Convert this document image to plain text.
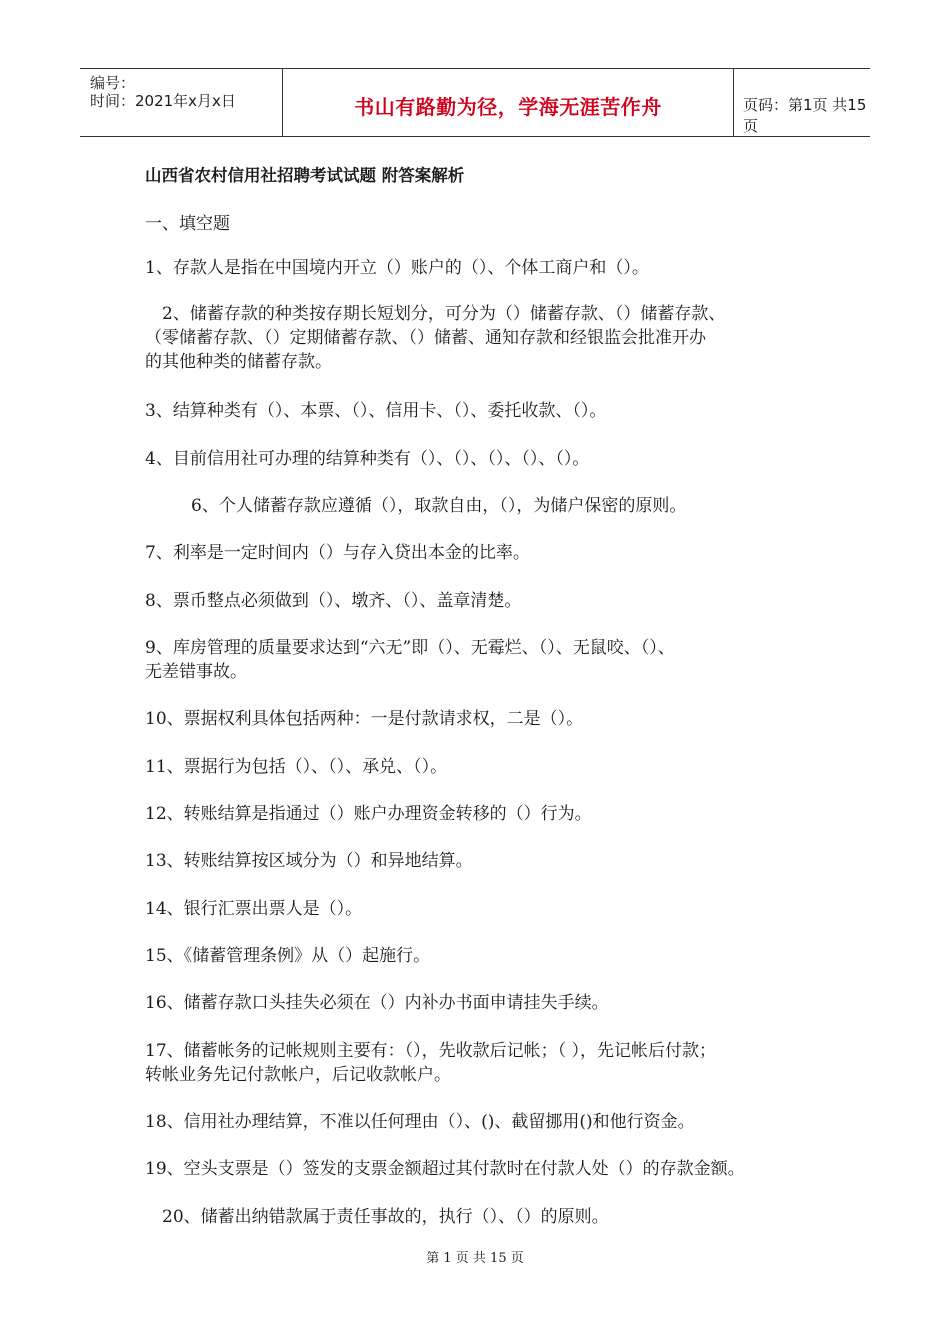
编号：
时间：2021年x月x日	书山有路勤为径，学海无涯苦作舟	页码：第1页 共15页
山西省农村信用社招聘考试试题 附答案解析
一、填空题
1、存款人是指在中国境内开立（）账户的（）、个体工商户和（）。
2、储蓄存款的种类按存期长短划分，可分为（）储蓄存款、（）储蓄存款、
（零储蓄存款、（）定期储蓄存款、（）储蓄、通知存款和经银监会批准开办
的其他种类的储蓄存款。
3、结算种类有（）、本票、（）、信用卡、（）、委托收款、（）。
4、目前信用社可办理的结算种类有（）、（）、（）、（）、（）。
6、个人储蓄存款应遵循（），取款自由，（），为储户保密的原则。
7、利率是一定时间内（）与存入贷出本金的比率。
8、票币整点必须做到（）、墩齐、（）、盖章清楚。
9、库房管理的质量要求达到“六无”即（）、无霉烂、（）、无鼠咬、（）、
无差错事故。
10、票据权利具体包括两种：一是付款请求权，二是（）。
11、票据行为包括（）、（）、承兑、（）。
12、转账结算是指通过（）账户办理资金转移的（）行为。
13、转账结算按区域分为（）和异地结算。
14、银行汇票出票人是（）。
15、《储蓄管理条例》从（）起施行。
16、储蓄存款口头挂失必须在（）内补办书面申请挂失手续。
17、储蓄帐务的记帐规则主要有：（），先收款后记帐；（ ），先记帐后付款；
转帐业务先记付款帐户，后记收款帐户。
18、信用社办理结算，不准以任何理由（）、()、截留挪用()和他行资金。
19、空头支票是（）签发的支票金额超过其付款时在付款人处（）的存款金额。
20、储蓄出纳错款属于责任事故的，执行（）、（）的原则。
第 1 页 共 15 页
